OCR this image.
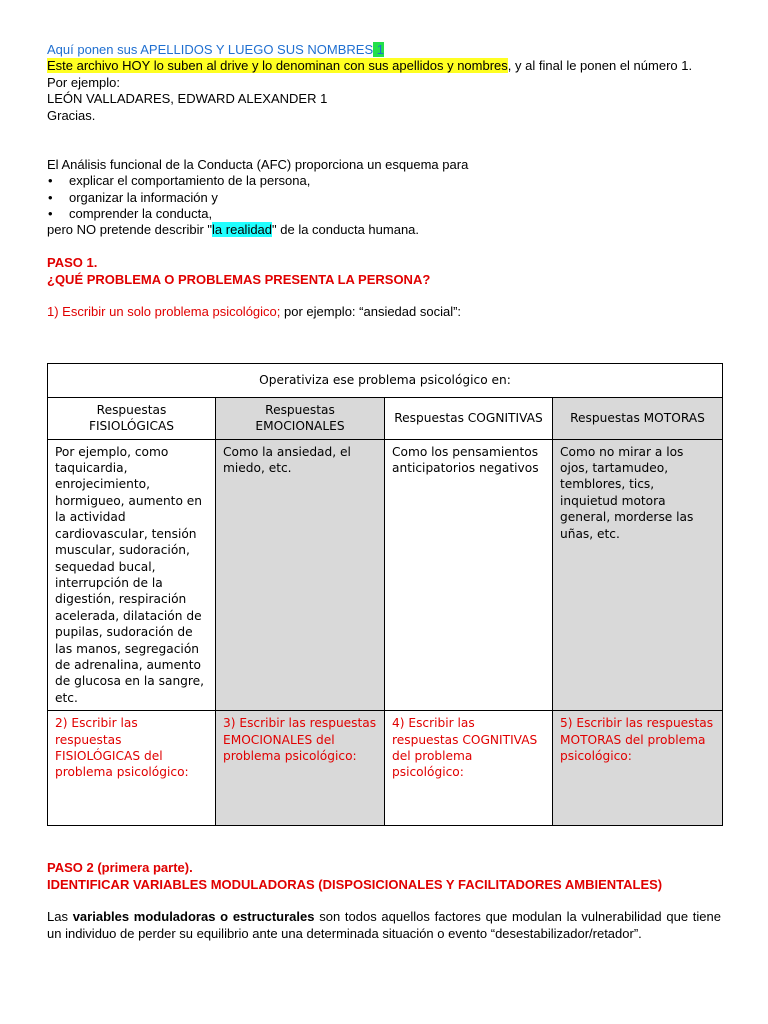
Aquí ponen sus APELLIDOS Y LUEGO SUS NOMBRES 1
Este archivo HOY lo suben al drive y lo denominan con sus apellidos y nombres, y al final le ponen el número 1.
Por ejemplo:
LEÓN VALLADARES, EDWARD ALEXANDER 1
Gracias.
El Análisis funcional de la Conducta (AFC) proporciona un esquema para
• explicar el comportamiento de la persona,
• organizar la información y
• comprender la conducta,
pero NO pretende describir "la realidad" de la conducta humana.
PASO 1.
¿QUÉ PROBLEMA O PROBLEMAS PRESENTA LA PERSONA?
1) Escribir un solo problema psicológico; por ejemplo: “ansiedad social”:
Operativiza ese problema psicológico en:			
Respuestas FISIOLÓGICAS	Respuestas EMOCIONALES	Respuestas COGNITIVAS	Respuestas MOTORAS
Por ejemplo, como taquicardia, enrojecimiento, hormigueo, aumento en la actividad cardiovascular, tensión muscular, sudoración, sequedad bucal, interrupción de la digestión, respiración acelerada, dilatación de pupilas, sudoración de las manos, segregación de adrenalina, aumento de glucosa en la sangre, etc.	Como la ansiedad, el miedo, etc.	Como los pensamientos anticipatorios negativos	Como no mirar a los ojos, tartamudeo, temblores, tics, inquietud motora general, morderse las uñas, etc.
2) Escribir las respuestas FISIOLÓGICAS del problema psicológico:	3) Escribir las respuestas EMOCIONALES del problema psicológico:	4) Escribir las respuestas COGNITIVAS del problema psicológico:	5) Escribir las respuestas MOTORAS del problema psicológico:
PASO 2 (primera parte).
IDENTIFICAR VARIABLES MODULADORAS (DISPOSICIONALES Y FACILITADORES AMBIENTALES)
Las variables moduladoras o estructurales son todos aquellos factores que modulan la vulnerabilidad que tiene un individuo de perder su equilibrio ante una determinada situación o evento “desestabilizador/retador”.
